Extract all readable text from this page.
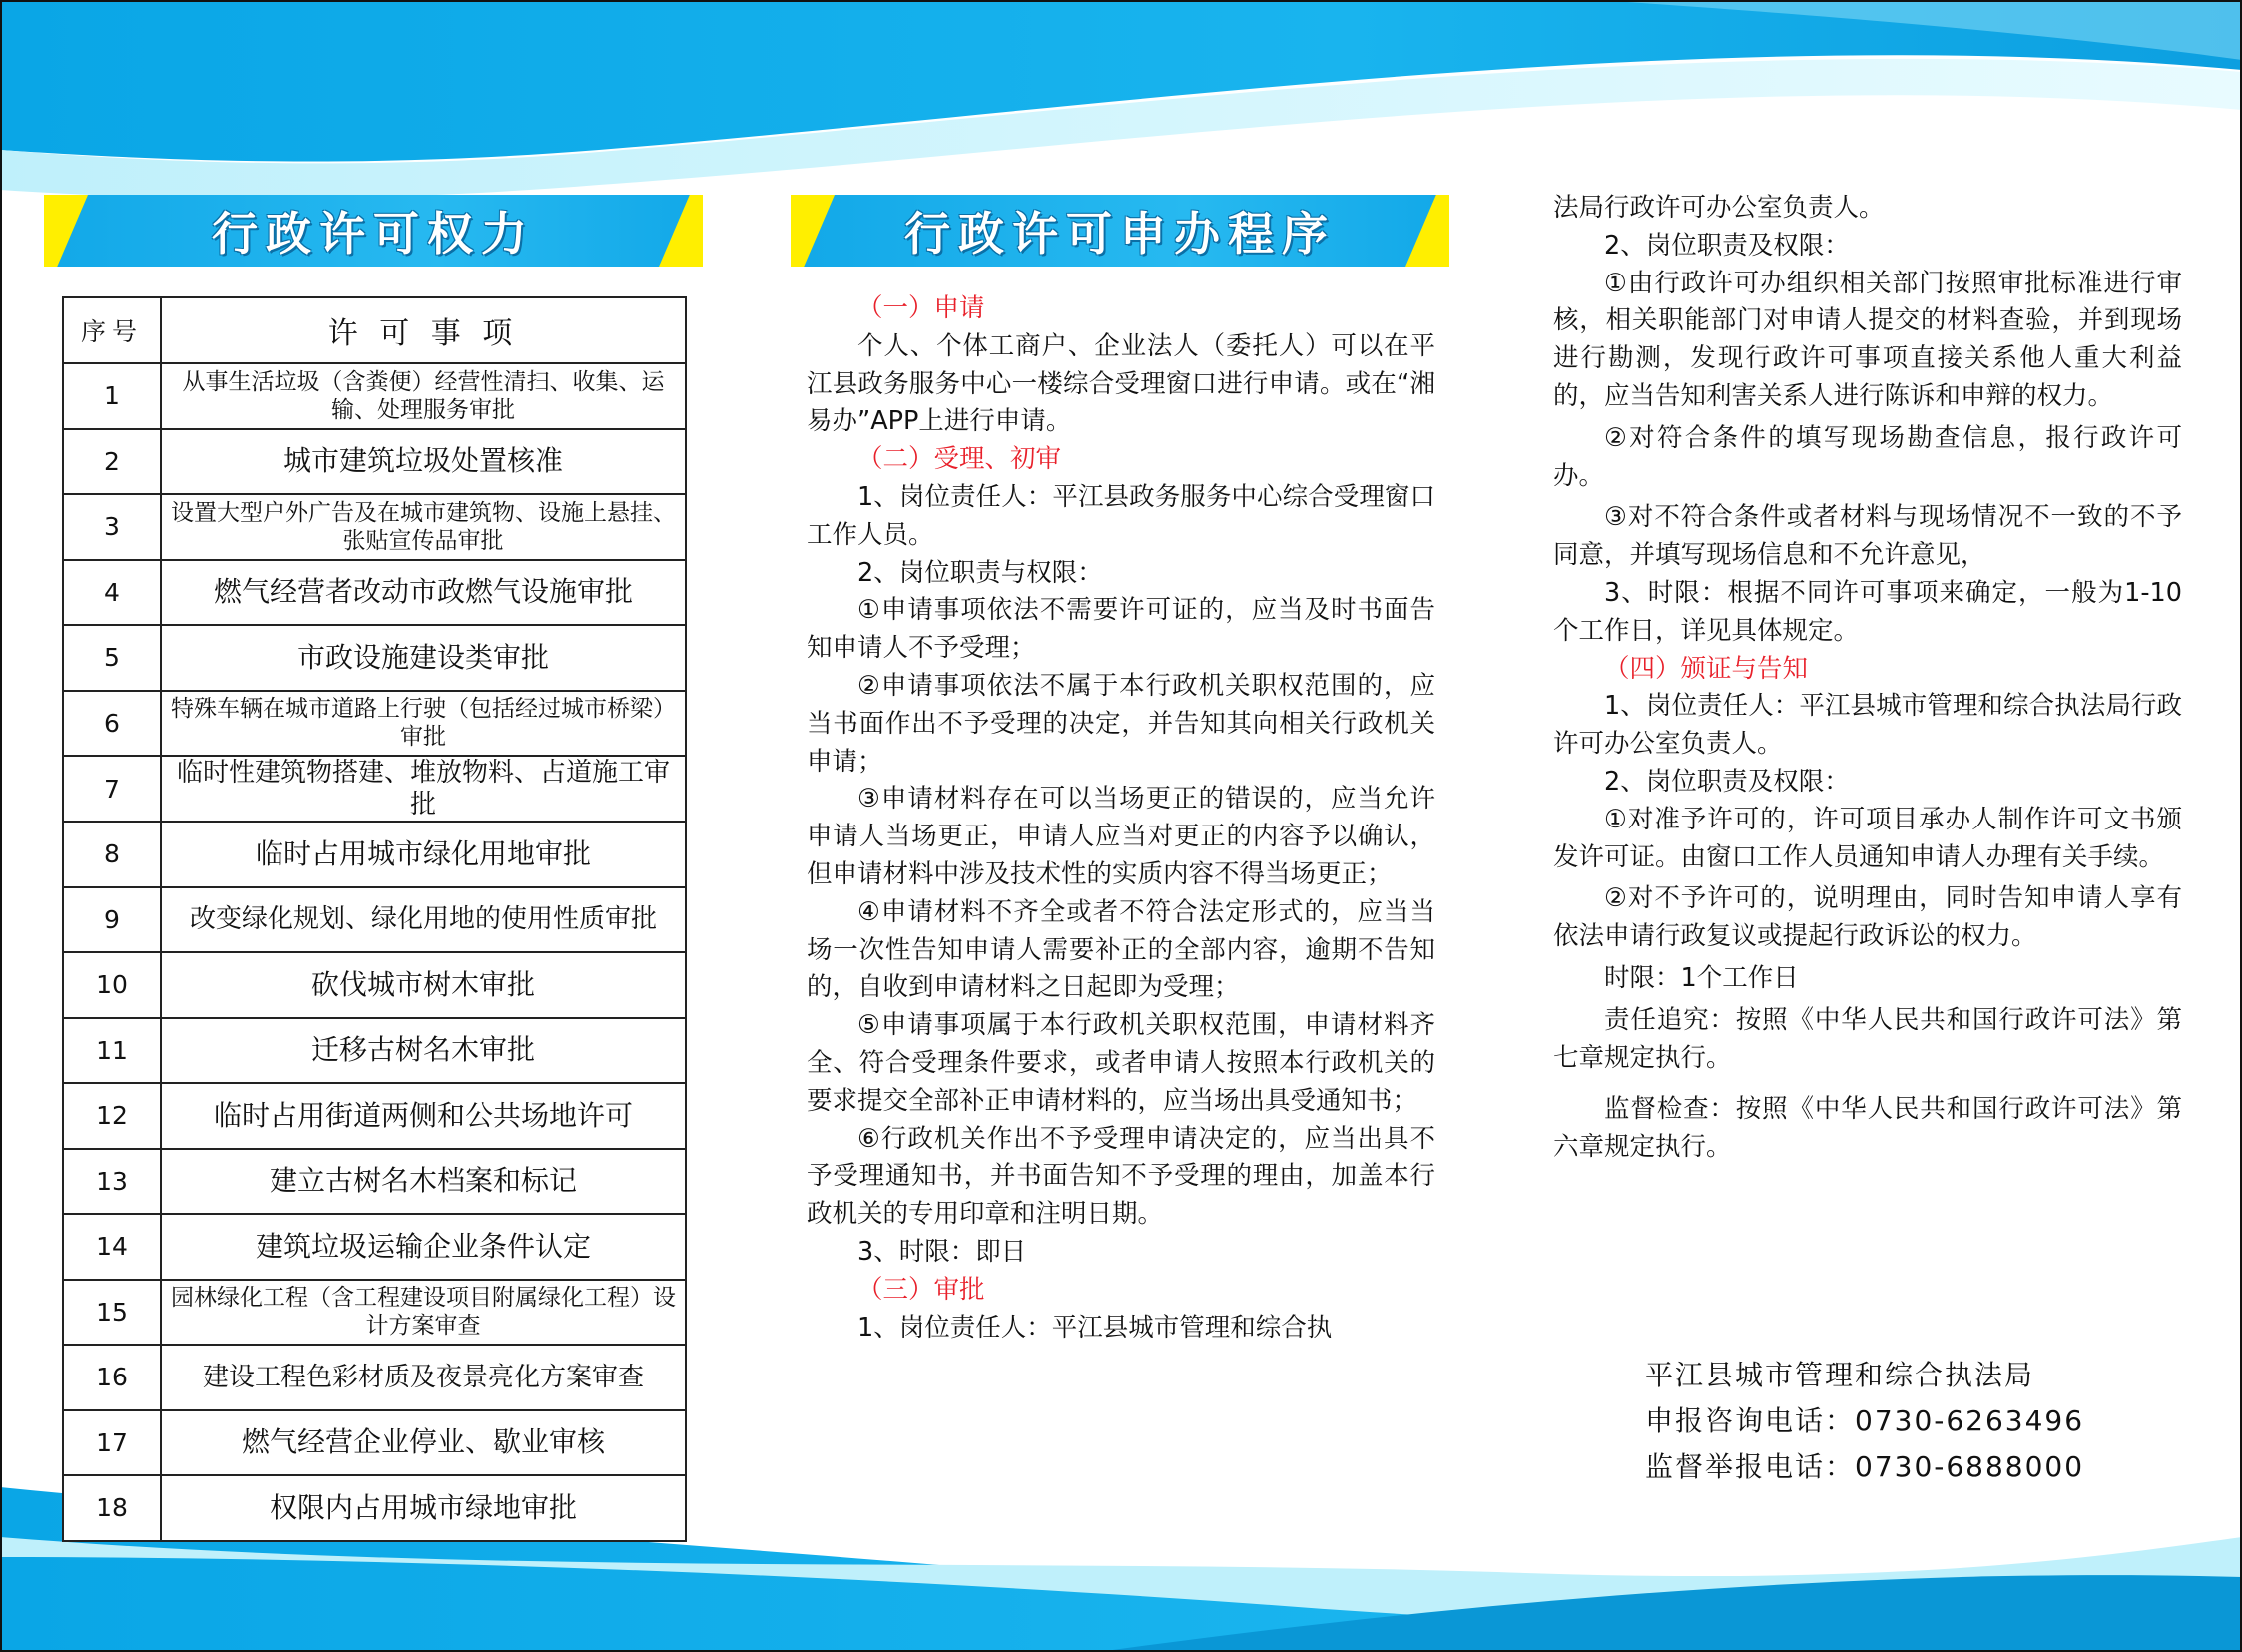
行政许可权力	行政许可申办程序
序号	许 可 事 项
1	从事生活垃圾（含粪便）经营性清扫、收集、运输、处理服务审批
2	城市建筑垃圾处置核准
3	设置大型户外广告及在城市建筑物、设施上悬挂、张贴宣传品审批
4	燃气经营者改动市政燃气设施审批
5	市政设施建设类审批
6	特殊车辆在城市道路上行驶（包括经过城市桥梁）审批
7	临时性建筑物搭建、堆放物料、占道施工审批
8	临时占用城市绿化用地审批
9	改变绿化规划、绿化用地的使用性质审批
10	砍伐城市树木审批
11	迁移古树名木审批
12	临时占用街道两侧和公共场地许可
13	建立古树名木档案和标记
14	建筑垃圾运输企业条件认定
15	园林绿化工程（含工程建设项目附属绿化工程）设计方案审查
16	建设工程色彩材质及夜景亮化方案审查
17	燃气经营企业停业、歇业审核
18	权限内占用城市绿地审批

（一）申请

个人、个体工商户、企业法人（委托人）可以在平江县政务服务中心一楼综合受理窗口进行申请。或在“湘易办”APP上进行申请。

（二）受理、初审

1、岗位责任人：平江县政务服务中心综合受理窗口工作人员。

2、岗位职责与权限：

①申请事项依法不需要许可证的，应当及时书面告知申请人不予受理；

②申请事项依法不属于本行政机关职权范围的，应当书面作出不予受理的决定，并告知其向相关行政机关申请；

③申请材料存在可以当场更正的错误的，应当允许申请人当场更正，申请人应当对更正的内容予以确认，但申请材料中涉及技术性的实质内容不得当场更正；

④申请材料不齐全或者不符合法定形式的，应当当场一次性告知申请人需要补正的全部内容，逾期不告知的，自收到申请材料之日起即为受理；

⑤申请事项属于本行政机关职权范围，申请材料齐全、符合受理条件要求，或者申请人按照本行政机关的要求提交全部补正申请材料的，应当场出具受通知书；

⑥行政机关作出不予受理申请决定的，应当出具不予受理通知书，并书面告知不予受理的理由，加盖本行政机关的专用印章和注明日期。

3、时限：即日

（三）审批

1、岗位责任人：平江县城市管理和综合执

法局行政许可办公室负责人。

2、岗位职责及权限：

①由行政许可办组织相关部门按照审批标准进行审核，相关职能部门对申请人提交的材料查验，并到现场进行勘测，发现行政许可事项直接关系他人重大利益的，应当告知利害关系人进行陈诉和申辩的权力。

②对符合条件的填写现场勘查信息，报行政许可办。

③对不符合条件或者材料与现场情况不一致的不予同意，并填写现场信息和不允许意见，

3、时限：根据不同许可事项来确定，一般为1-10个工作日，详见具体规定。

（四）颁证与告知

1、岗位责任人：平江县城市管理和综合执法局行政许可办公室负责人。

2、岗位职责及权限：

①对准予许可的，许可项目承办人制作许可文书颁发许可证。由窗口工作人员通知申请人办理有关手续。

②对不予许可的，说明理由，同时告知申请人享有依法申请行政复议或提起行政诉讼的权力。

时限：1个工作日

责任追究：按照《中华人民共和国行政许可法》第七章规定执行。

监督检查：按照《中华人民共和国行政许可法》第六章规定执行。

平江县城市管理和综合执法局
申报咨询电话：0730-6263496
监督举报电话：0730-6888000
